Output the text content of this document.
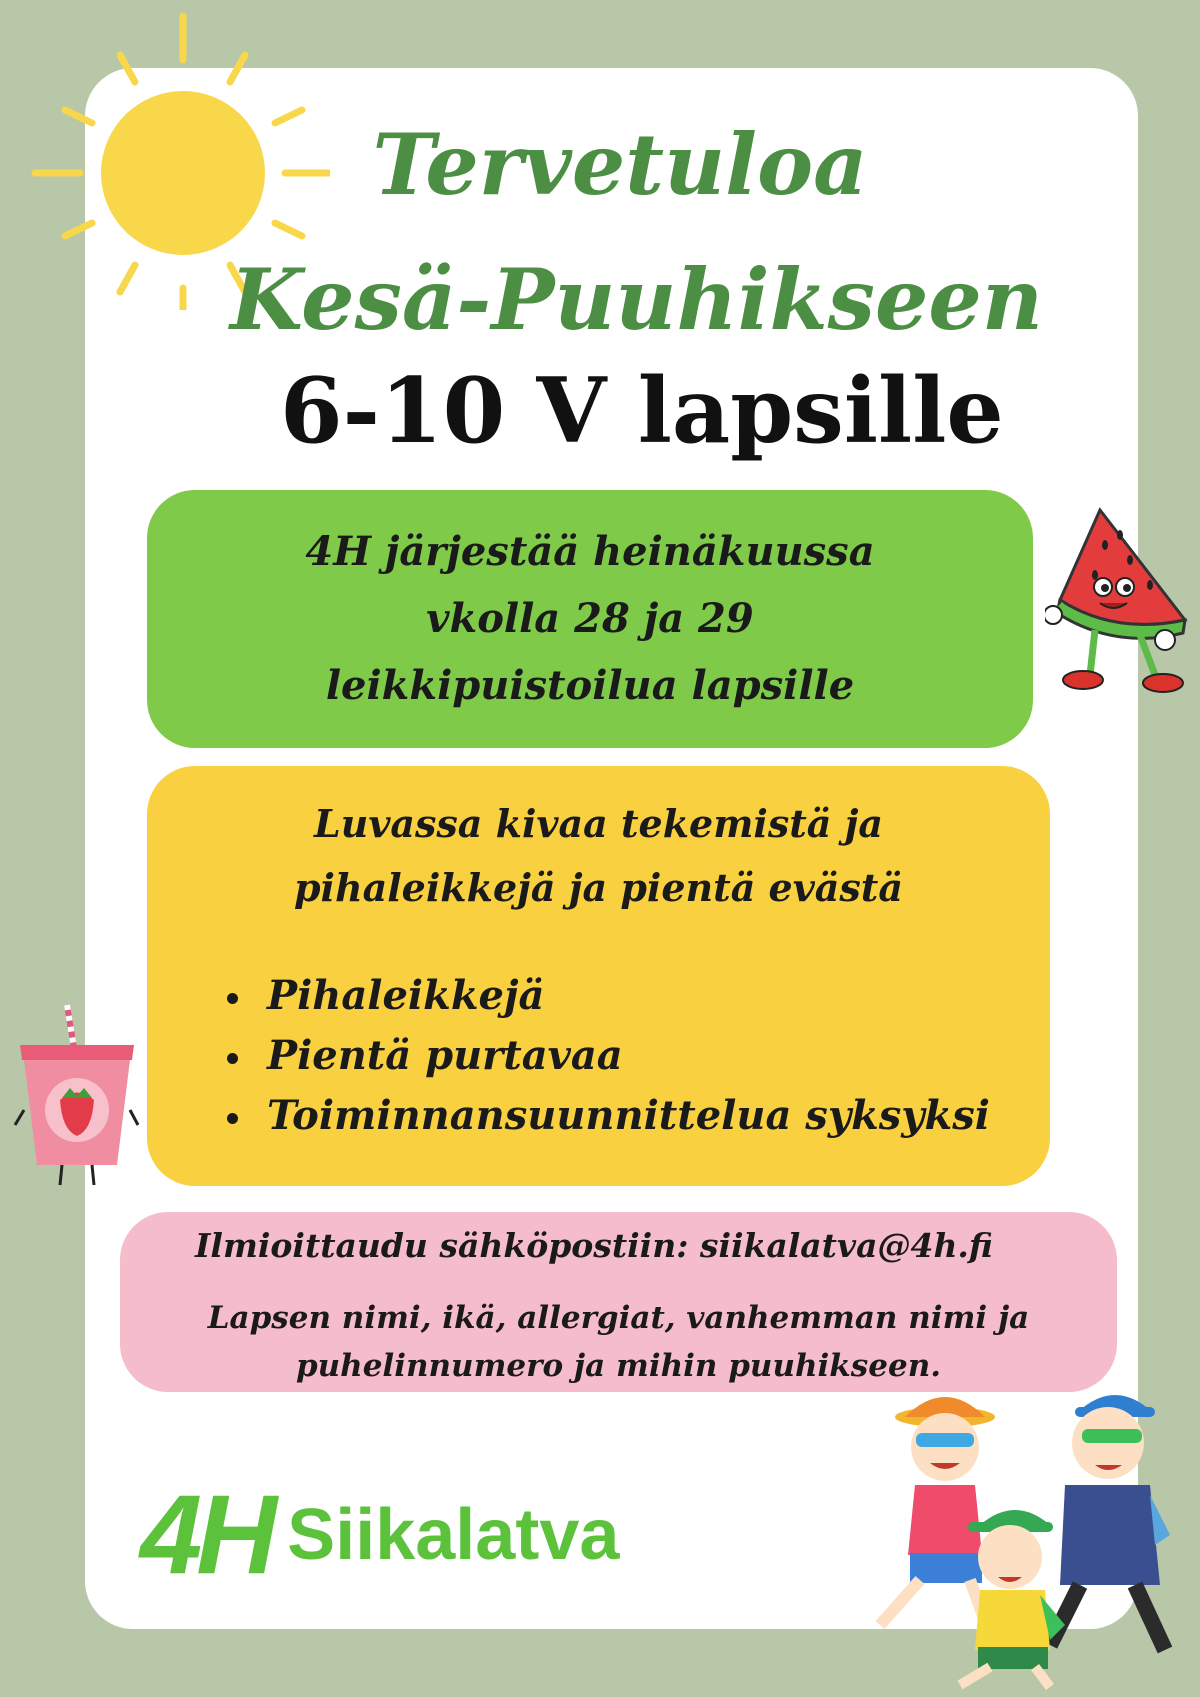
Tervetuloa
Kesä-Puuhikseen
6-10 V lapsille
4H järjestää heinäkuussa
vkolla 28 ja 29
leikkipuistoilua lapsille
Luvassa kivaa tekemistä ja
pihaleikkejä ja pientä evästä
Pihaleikkejä
Pientä purtavaa
Toiminnansuunnittelua syksyksi
Ilmioittaudu sähköpostiin: siikalatva@4h.fi
Lapsen nimi, ikä, allergiat, vanhemman nimi ja
puhelinnumero ja mihin puuhikseen.
4H Siikalatva
